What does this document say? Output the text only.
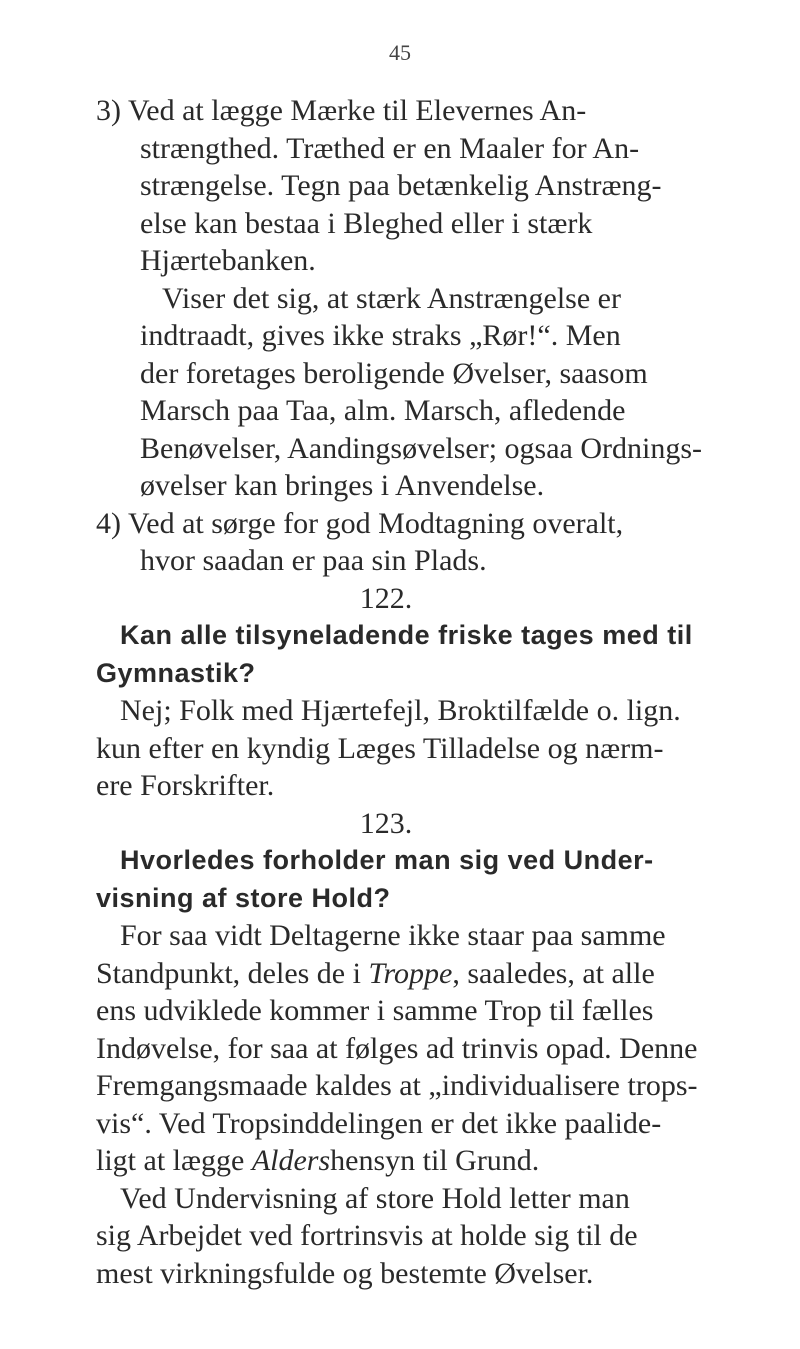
45
3) Ved at lægge Mærke til Elevernes An-
strængthed. Træthed er en Maaler for An-
strængelse. Tegn paa betænkelig Anstræng-
else kan bestaa i Bleghed eller i stærk
Hjærtebanken.
Viser det sig, at stærk Anstrængelse er
indtraadt, gives ikke straks „Rør!“. Men
der foretages beroligende Øvelser, saasom
Marsch paa Taa, alm. Marsch, afledende
Benøvelser, Aandingsøvelser; ogsaa Ordnings-
øvelser kan bringes i Anvendelse.
4) Ved at sørge for god Modtagning overalt,
hvor saadan er paa sin Plads.
122.
Kan alle tilsyneladende friske tages med til
Gymnastik?
Nej; Folk med Hjærtefejl, Broktilfælde o. lign.
kun efter en kyndig Læges Tilladelse og nærm-
ere Forskrifter.
123.
Hvorledes forholder man sig ved Under-
visning af store Hold?
For saa vidt Deltagerne ikke staar paa samme
Standpunkt, deles de i Troppe, saaledes, at alle
ens udviklede kommer i samme Trop til fælles
Indøvelse, for saa at følges ad trinvis opad. Denne
Fremgangsmaade kaldes at „individualisere trops-
vis“. Ved Tropsinddelingen er det ikke paalide-
ligt at lægge Aldershensyn til Grund.
Ved Undervisning af store Hold letter man
sig Arbejdet ved fortrinsvis at holde sig til de
mest virkningsfulde og bestemte Øvelser.
